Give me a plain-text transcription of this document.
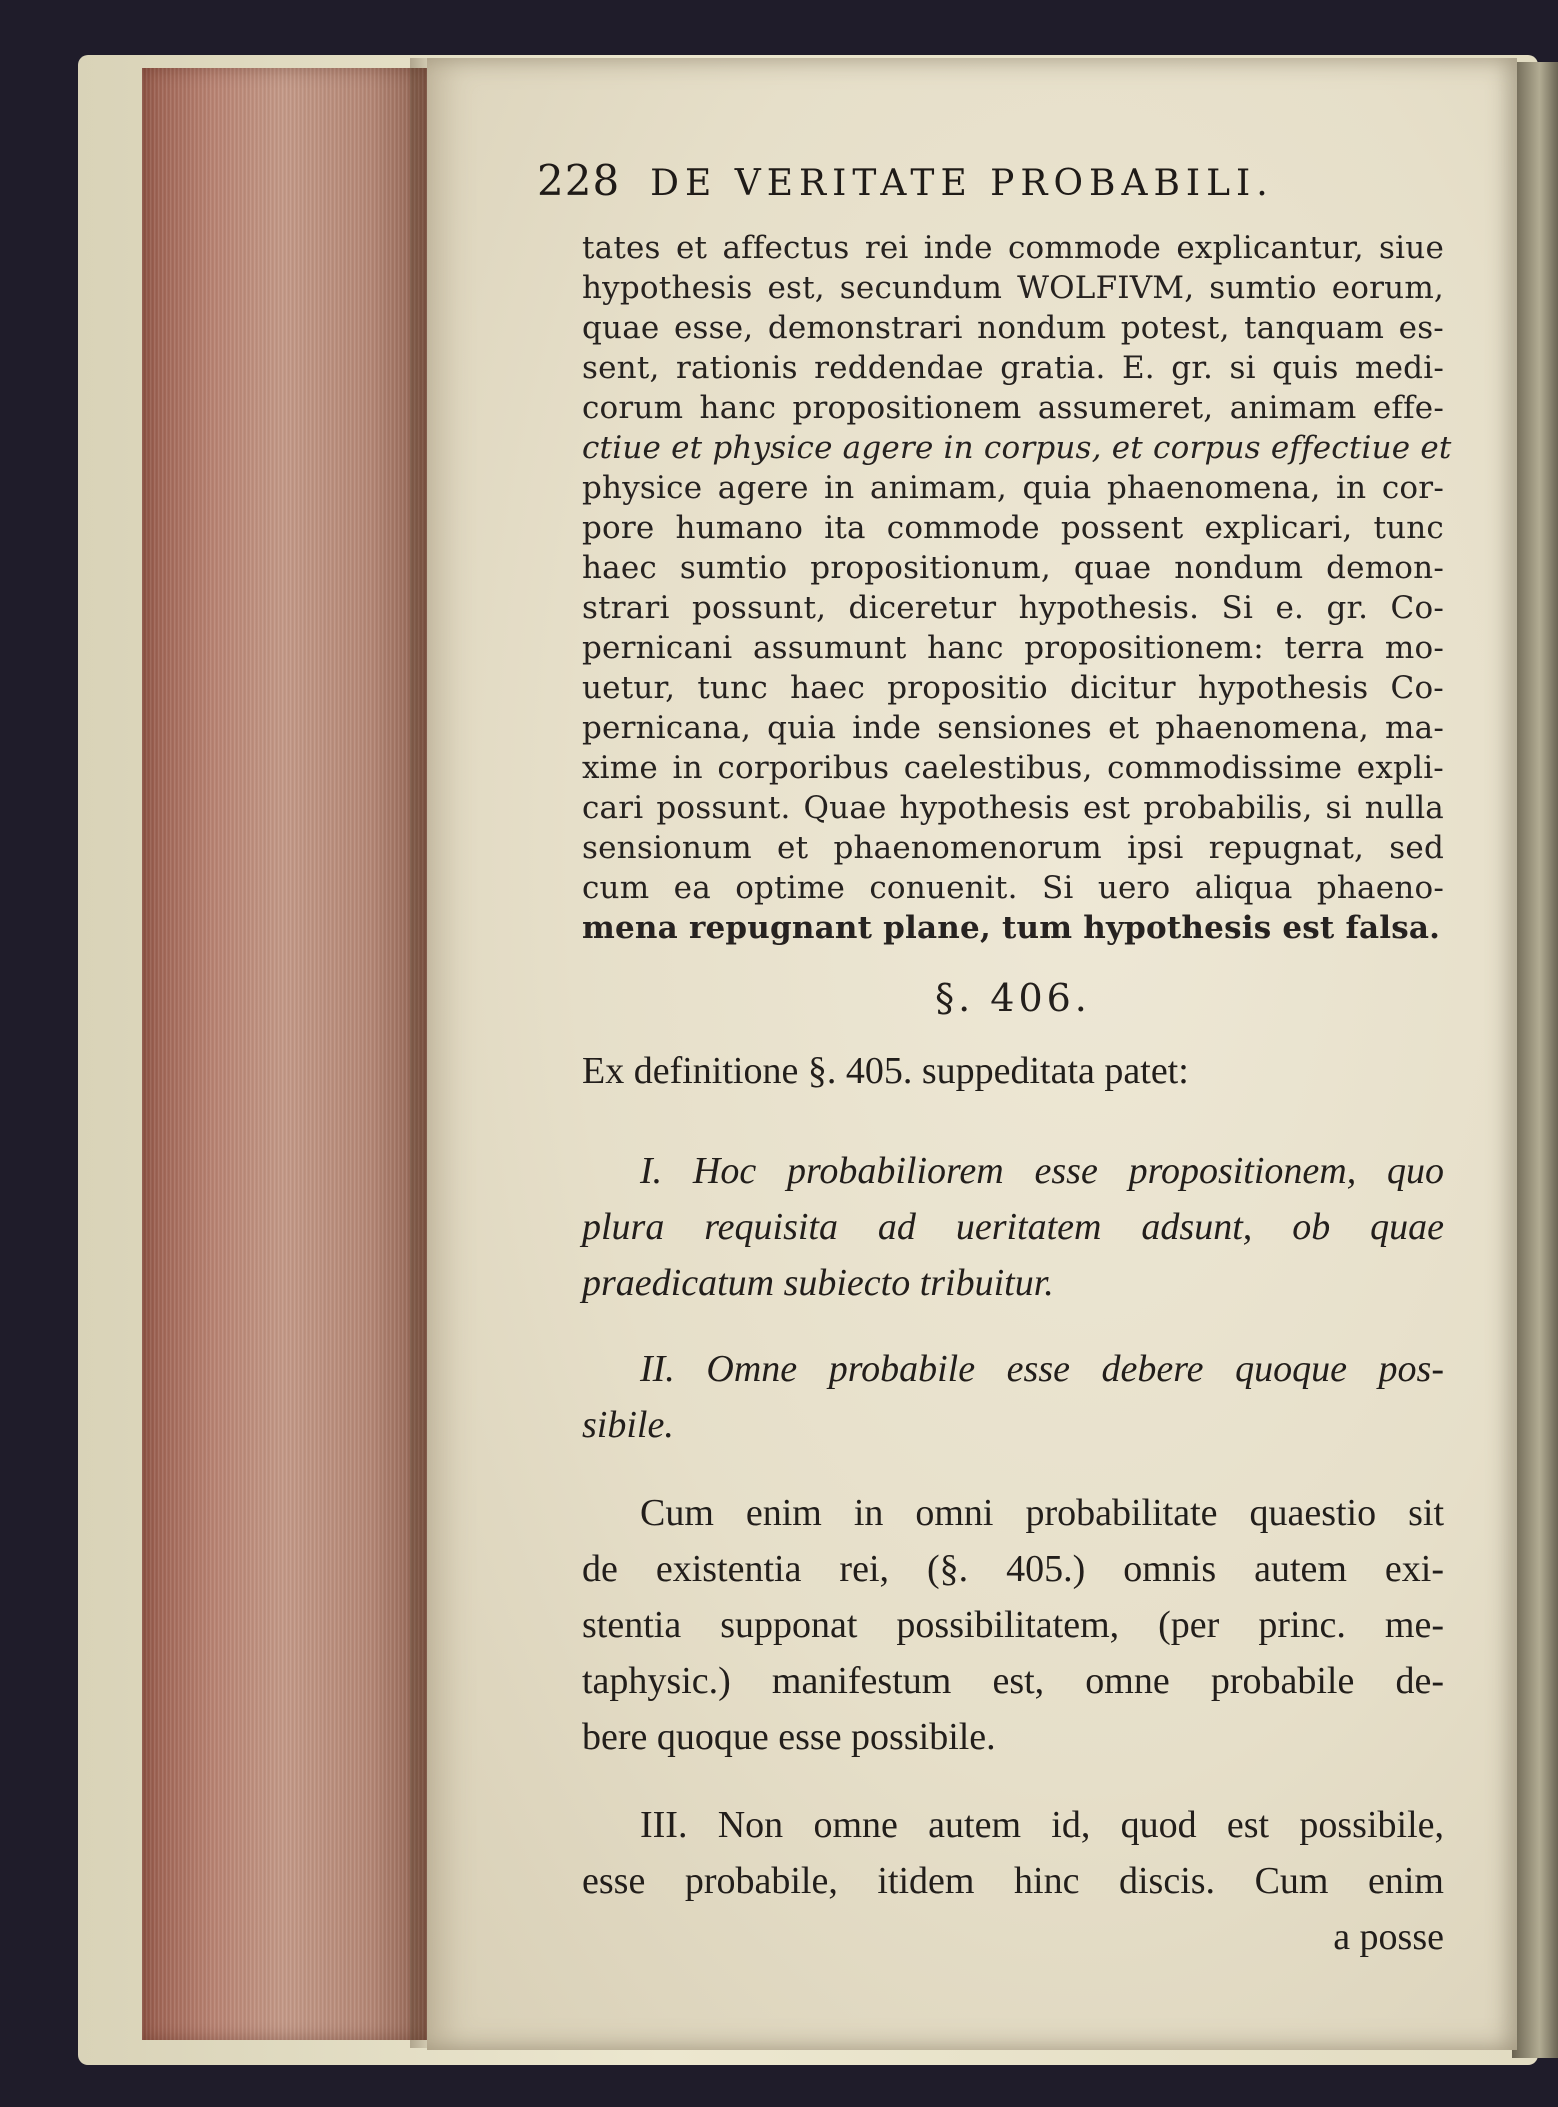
228 DE VERITATE PROBABILI.
tates et affectus rei inde commode explicantur, siue
hypothesis est, secundum WOLFIVM, sumtio eorum,
quae esse, demonstrari nondum potest, tanquam es-
sent, rationis reddendae gratia. E. gr. si quis medi-
corum hanc propositionem assumeret, animam effe-
ctiue et physice agere in corpus, et corpus effectiue et
physice agere in animam, quia phaenomena, in cor-
pore humano ita commode possent explicari, tunc
haec sumtio propositionum, quae nondum demon-
strari possunt, diceretur hypothesis. Si e. gr. Co-
pernicani assumunt hanc propositionem: terra mo-
uetur, tunc haec propositio dicitur hypothesis Co-
pernicana, quia inde sensiones et phaenomena, ma-
xime in corporibus caelestibus, commodissime expli-
cari possunt. Quae hypothesis est probabilis, si nulla
sensionum et phaenomenorum ipsi repugnat, sed
cum ea optime conuenit. Si uero aliqua phaeno-
mena repugnant plane, tum hypothesis est falsa.
§. 406.
Ex definitione §. 405. suppeditata patet:
I. Hoc probabiliorem esse propositionem, quo
plura requisita ad ueritatem adsunt, ob quae
praedicatum subiecto tribuitur.
II. Omne probabile esse debere quoque pos-
sibile.
Cum enim in omni probabilitate quaestio sit
de existentia rei, (§. 405.) omnis autem exi-
stentia supponat possibilitatem, (per princ. me-
taphysic.) manifestum est, omne probabile de-
bere quoque esse possibile.
III. Non omne autem id, quod est possibile,
esse probabile, itidem hinc discis. Cum enim
a posse
